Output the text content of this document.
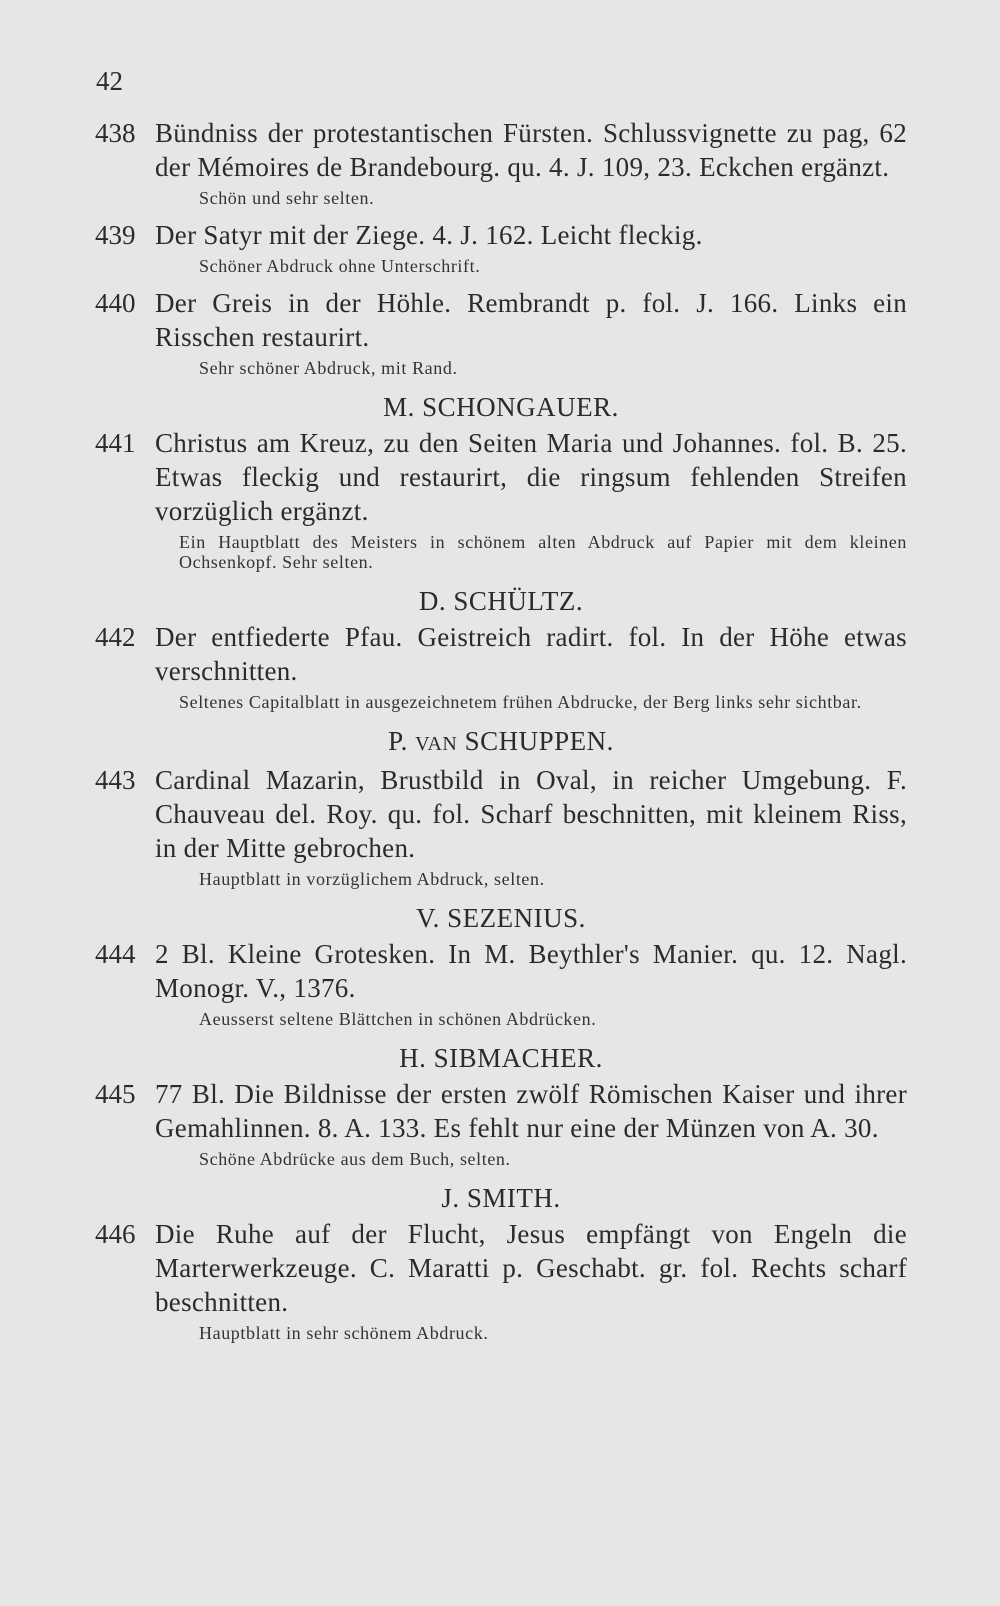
42
438 Bündniss der protestantischen Fürsten. Schlussvignette zu pag, 62 der Mémoires de Brandebourg. qu. 4. J. 109, 23. Eckchen ergänzt.
Schön und sehr selten.
439 Der Satyr mit der Ziege. 4. J. 162. Leicht fleckig.
Schöner Abdruck ohne Unterschrift.
440 Der Greis in der Höhle. Rembrandt p. fol. J. 166. Links ein Risschen restaurirt.
Sehr schöner Abdruck, mit Rand.
M. SCHONGAUER.
441 Christus am Kreuz, zu den Seiten Maria und Johannes. fol. B. 25. Etwas fleckig und restaurirt, die ringsum fehlenden Streifen vorzüglich ergänzt.
Ein Hauptblatt des Meisters in schönem alten Abdruck auf Papier mit dem kleinen Ochsenkopf. Sehr selten.
D. SCHÜLTZ.
442 Der entfiederte Pfau. Geistreich radirt. fol. In der Höhe etwas verschnitten.
Seltenes Capitalblatt in ausgezeichnetem frühen Abdrucke, der Berg links sehr sichtbar.
P. VAN SCHUPPEN.
443 Cardinal Mazarin, Brustbild in Oval, in reicher Umgebung. F. Chauveau del. Roy. qu. fol. Scharf beschnitten, mit kleinem Riss, in der Mitte gebrochen.
Hauptblatt in vorzüglichem Abdruck, selten.
V. SEZENIUS.
444 2 Bl. Kleine Grotesken. In M. Beythler's Manier. qu. 12. Nagl. Monogr. V., 1376.
Aeusserst seltene Blättchen in schönen Abdrücken.
H. SIBMACHER.
445 77 Bl. Die Bildnisse der ersten zwölf Römischen Kaiser und ihrer Gemahlinnen. 8. A. 133. Es fehlt nur eine der Münzen von A. 30.
Schöne Abdrücke aus dem Buch, selten.
J. SMITH.
446 Die Ruhe auf der Flucht, Jesus empfängt von Engeln die Marterwerkzeuge. C. Maratti p. Geschabt. gr. fol. Rechts scharf beschnitten.
Hauptblatt in sehr schönem Abdruck.
